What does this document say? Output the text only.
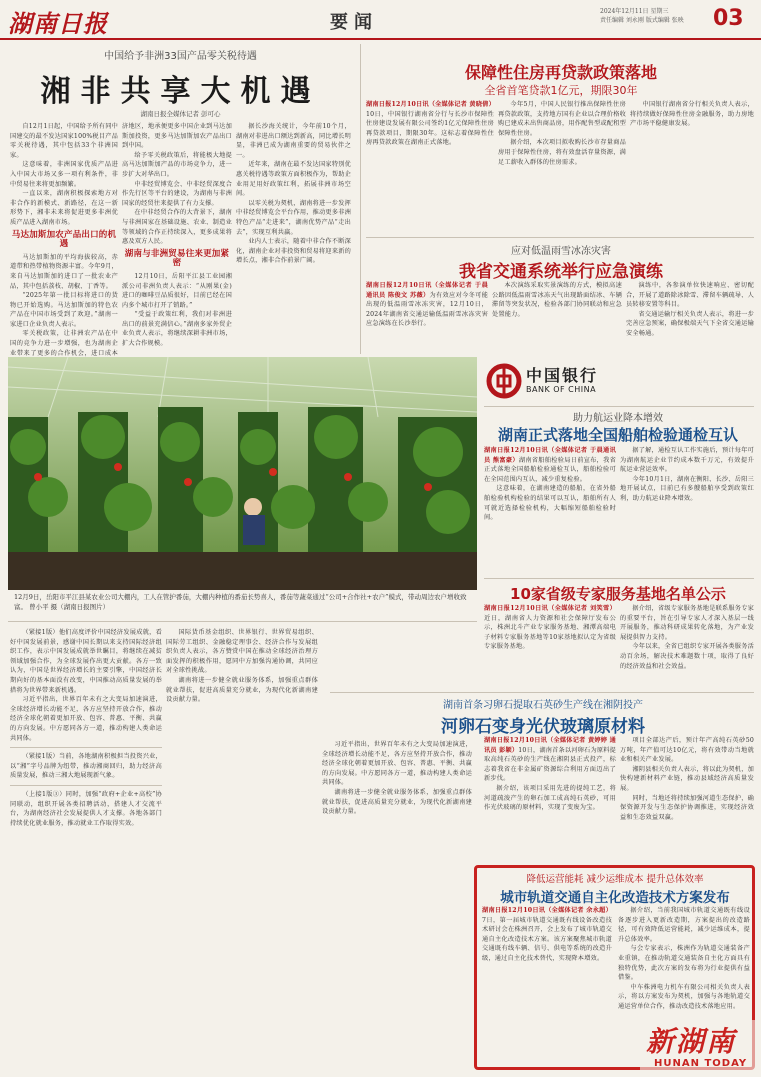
湖南日报	要闻
2024年12月11日 星期三
责任编辑 刘永刚 版式编辑 张映	03
中国给予非洲33国产品零关税待遇
湘非共享大机遇
湖南日报全媒体记者 彭可心

自12月1日起，中国给予所有同中国建交的最不发达国家100%税目产品零关税待遇，其中包括33个非洲国家。

这意味着，非洲国家优质产品进入中国大市场又多一项有利条件，非中贸易往来将更加频繁。

一直以来，湖南积极探索地方对非合作的新模式、新路径，在这一新形势下，湘非未来将促进更多非洲优质产品进入湖南市场。

马达加斯加农产品出口的机遇

马达加斯加的平均海拔较高，赤道带和热带植物资源丰富。今年9月，来自马达加斯加的进口了一批农业产品，其中包括荔枝、胡椒、丁香等。

“2025年第一批目标将进口的货物已开始选购。马达加斯加的特色农产品在中国市场受到了欢迎。”湖南一家进口企业负责人表示。

零关税政策，让非洲农产品在中国的竞争力进一步增强，也为湖南企业带来了更多的合作机会，进口成本

济地区，地承便更多中国企业到马达加斯加投资，更多马达加斯加农产品出口到中国。

给予零关税政策后，将能极大地提高马达加斯加产品的市场竞争力，进一步扩大对华出口。

中非经贸博览会、中非经贸深度合作先行区等平台的建设，为湖南与非洲国家的经贸往来提供了有力支撑。

在中非经贸合作的大背景下，湖南与非洲国家在基础设施、农业、制造业等领域的合作正持续深入，更多成果将惠及双方人民。

湖南与非洲贸易往来更加紧密

12月10日，岳阳平江县工业园湘派公司非洲负责人表示：“从刚果(金)进口的咖啡豆品质很好，目前已经在国内多个城市打开了销路。”

“受益于政策红利，我们对非洲进出口的前景充满信心。”湖南多家外贸企业负责人表示，将继续深耕非洲市场，扩大合作规模。

据长沙海关统计，今年前10个月，湖南对非进出口额达到新高，同比增长明显，非洲已成为湖南重要的贸易伙伴之一。

近年来，湖南在最不发达国家特别优惠关税待遇等政策方面积极作为，帮助企业用足用好政策红利，拓展非洲市场空间。

以零关税为契机，湖南将进一步发挥中非经贸博览会平台作用，推动更多非洲特色产品“走进来”，湖南优势产品“走出去”，实现互利共赢。

业内人士表示，随着中非合作不断深化，湖南企业对非投资和贸易将迎来新的增长点，湘非合作前景广阔。

保障性住房再贷款政策落地
全省首笔贷款1亿元，期限30年
湖南日报12月10日讯（全媒体记者 黄晓倩）10日，中国银行湖南省分行与长沙市保障性住房建设发展有限公司签约1亿元保障性住房再贷款项目，期限30年。这标志着保障性住房再贷款政策在湖南正式落地。

今年5月，中国人民银行推出保障性住房再贷款政策，支持地方国有企业以合理价格收购已建成未出售商品房，用作配售型或配租型保障性住房。

据介绍，本次项目拟收购长沙市存量商品房用于保障性住房，将有效盘活存量资源，满足工薪收入群体的住房需求。

中国银行湖南省分行相关负责人表示，将持续做好保障性住房金融服务，助力房地产市场平稳健康发展。

应对低温雨雪冰冻灾害
我省交通系统举行应急演练
湖南日报12月10日讯（全媒体记者 于晨通讯员 陈俊文 苏薇）为有效应对今冬可能出现的低温雨雪冰冻灾害，12月10日，2024年湖南省交通运输低温雨雪冰冻灾害应急演练在长沙举行。

本次演练采取实景演练的方式，模拟高速公路因低温雨雪冰冻天气出现路面结冰、车辆滞留等突发状况，检验各部门协同联动和应急处置能力。

演练中，各参演单位快速响应、密切配合，开展了道路除冰除雪、滞留车辆疏导、人员转移安置等科目。

省交通运输厅相关负责人表示，将进一步完善应急预案，确保极端天气下全省交通运输安全畅通。

中国银行
BANK OF CHINA
12月9日，岳阳市平江县某农业公司大棚内，工人在管护番茄，大棚内种植的番茄长势喜人，番茄等蔬菜通过“公司+合作社+农户”模式，带动周边农户增收致富。 曾小平 摄（湖南日报图片）
助力航运业降本增效
湖南正式落地全国船舶检验通检互认
湖南日报12月10日讯（全媒体记者 于晨通讯员 熊富豪）湖南省船舶检验局日前宣布，我省正式落地全国船舶检验通检互认，船舶检验可在全国范围内互认，减少重复检验。

这意味着，在湖南建造的船舶，在省外船舶检验机构检验的结果可以互认，船舶所有人可就近选择检验机构，大幅缩短船舶检验时间。

据了解，通检互认工作实施后，预计每年可为湖南航运企业节约成本数千万元，有效提升航运业营运效率。

今年10月1日，湖南在衡阳、长沙、岳阳三地开展试点，目前已有多艘船舶享受到政策红利，助力航运业降本增效。

10家省级专家服务基地名单公示
湖南日报12月10日讯（全媒体记者 刘笑雪）近日，湖南省人力资源和社会保障厅发布公示，株洲北斗产业专家服务基地、湘潭高端电子材料专家服务基地等10家基地拟认定为省级专家服务基地。

据介绍，省级专家服务基地是联系服务专家的重要平台，旨在引导专家人才深入基层一线开展服务，推动科研成果转化落地，为产业发展提供智力支持。

今年以来，全省已组织专家开展各类服务活动百余场，解决技术难题数十项，取得了良好的经济效益和社会效益。

湖南首条习卵石提取石英砂生产线在湘阴投产
河卵石变身光伏玻璃原材料
湖南日报12月10日讯（全媒体记者 黄婷婷 通讯员 彭颖）10日，湖南首条以河卵石为原料提取高纯石英砂的生产线在湘阴县正式投产，标志着我省在非金属矿资源综合利用方面迈出了新步伐。

据介绍，该项目采用先进的提纯工艺，将河道疏浚产生的卵石加工成高纯石英砂，可用作光伏玻璃的原材料，实现了变废为宝。

项目全部达产后，预计年产高纯石英砂50万吨，年产值可达10亿元，将有效带动当地就业和相关产业发展。

湘阴县相关负责人表示，将以此为契机，加快构建新材料产业链，推动县域经济高质量发展。

同时，当地还将持续加强河道生态保护，确保资源开发与生态保护协调推进，实现经济效益和生态效益双赢。

（紧接1版）他们高度评价中国经济发展成就，看好中国发展前景，感谢中国长期以来支持国际经济组织工作，表示中国发展成就举世瞩目，将继续在减贫领域加强合作，为全球发展作出更大贡献。各方一致认为，中国是世界经济增长的主要引擎，中国经济长期向好的基本面没有改变，中国推动高质量发展的举措将为世界带来新机遇。

习近平指出，世界百年未有之大变局加速演进，全球经济增长动能不足，各方应坚持开放合作，推动经济全球化朝着更加开放、包容、普惠、平衡、共赢的方向发展。中方愿同各方一道，推动构建人类命运共同体。

（紧接1版）当前，各地湖南积极担当投资兴业，以“湘”字号品牌为纽带，推动湘商回归，助力经济高质量发展，推动三湘大地展现新气象。

（上接1版③）同时，加强“政府+企业+高校”协同联动，组织开展各类招聘活动，搭建人才交流平台，为湖南经济社会发展提供人才支撑。各地各部门持续优化就业服务，推动就业工作取得实效。

国际货币基金组织、世界银行、世界贸易组织、国际劳工组织、金融稳定理事会、经济合作与发展组织负责人表示，各方赞赏中国在推动全球经济治理方面发挥的积极作用，愿同中方加强沟通协调，共同应对全球性挑战。

湖南将进一步健全就业服务体系，加强重点群体就业帮扶，促进高质量充分就业，为现代化新湖南建设贡献力量。

习近平指出，世界百年未有之大变局加速演进，全球经济增长动能不足，各方应坚持开放合作，推动经济全球化朝着更加开放、包容、普惠、平衡、共赢的方向发展。中方愿同各方一道，推动构建人类命运共同体。

湖南将进一步健全就业服务体系，加强重点群体就业帮扶，促进高质量充分就业，为现代化新湖南建设贡献力量。

降低运营能耗 减少运维成本 提升总体效率
城市轨道交通自主化改造技术方案发布
湖南日报12月10日讯（全媒体记者 余永超）7日，第一届城市轨道交通既有线设备改造技术研讨会在株洲召开，会上发布了城市轨道交通自主化改造技术方案。该方案聚焦城市轨道交通既有线车辆、信号、供电等系统的改造升级，通过自主化技术替代，实现降本增效。

据介绍，当前我国城市轨道交通既有线设备逐步进入更新改造期，方案提出的改造路径，可有效降低运营能耗，减少运维成本，提升总体效率。

与会专家表示，株洲作为轨道交通装备产业重镇，在推动轨道交通装备自主化方面具有独特优势，此次方案的发布将为行业提供有益借鉴。

中车株洲电力机车有限公司相关负责人表示，将以方案发布为契机，加强与各地轨道交通运营单位合作，推动改造技术落地应用。

新湖南
HUNAN TODAY
